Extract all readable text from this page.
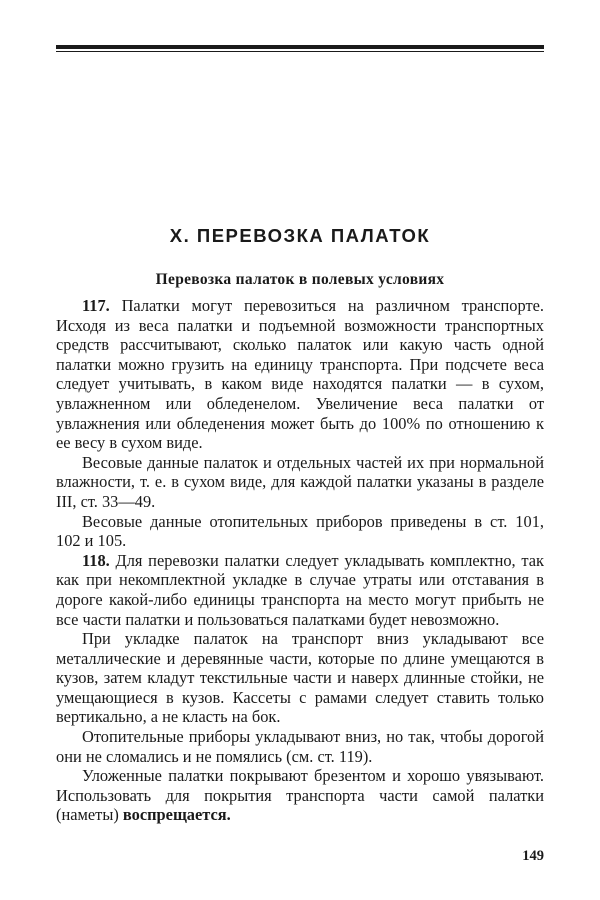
X. ПЕРЕВОЗКА ПАЛАТОК
Перевозка палаток в полевых условиях

117. Палатки могут перевозиться на различном транспорте. Исходя из веса палатки и подъемной возможности транспортных средств рассчитывают, сколько палаток или какую часть одной палатки можно грузить на единицу транспорта. При подсчете веса следует учитывать, в каком виде находятся палатки — в сухом, увлажненном или обледенелом. Увеличение веса палатки от увлажнения или обледенения может быть до 100% по отношению к ее весу в сухом виде.

Весовые данные палаток и отдельных частей их при нормальной влажности, т. е. в сухом виде, для каждой палатки указаны в разделе III, ст. 33—49.

Весовые данные отопительных приборов приведены в ст. 101, 102 и 105.

118. Для перевозки палатки следует укладывать комплектно, так как при некомплектной укладке в случае утраты или отставания в дороге какой-либо единицы транспорта на место могут прибыть не все части палатки и пользоваться палатками будет невозможно.

При укладке палаток на транспорт вниз укладывают все металлические и деревянные части, которые по длине умещаются в кузов, затем кладут текстильные части и наверх длинные стойки, не умещающиеся в кузов. Кассеты с рамами следует ставить только вертикально, а не класть на бок.

Отопительные приборы укладывают вниз, но так, чтобы дорогой они не сломались и не помялись (см. ст. 119).

Уложенные палатки покрывают брезентом и хорошо увязывают. Использовать для покрытия транспорта части самой палатки (наметы) воспрещается.

149
